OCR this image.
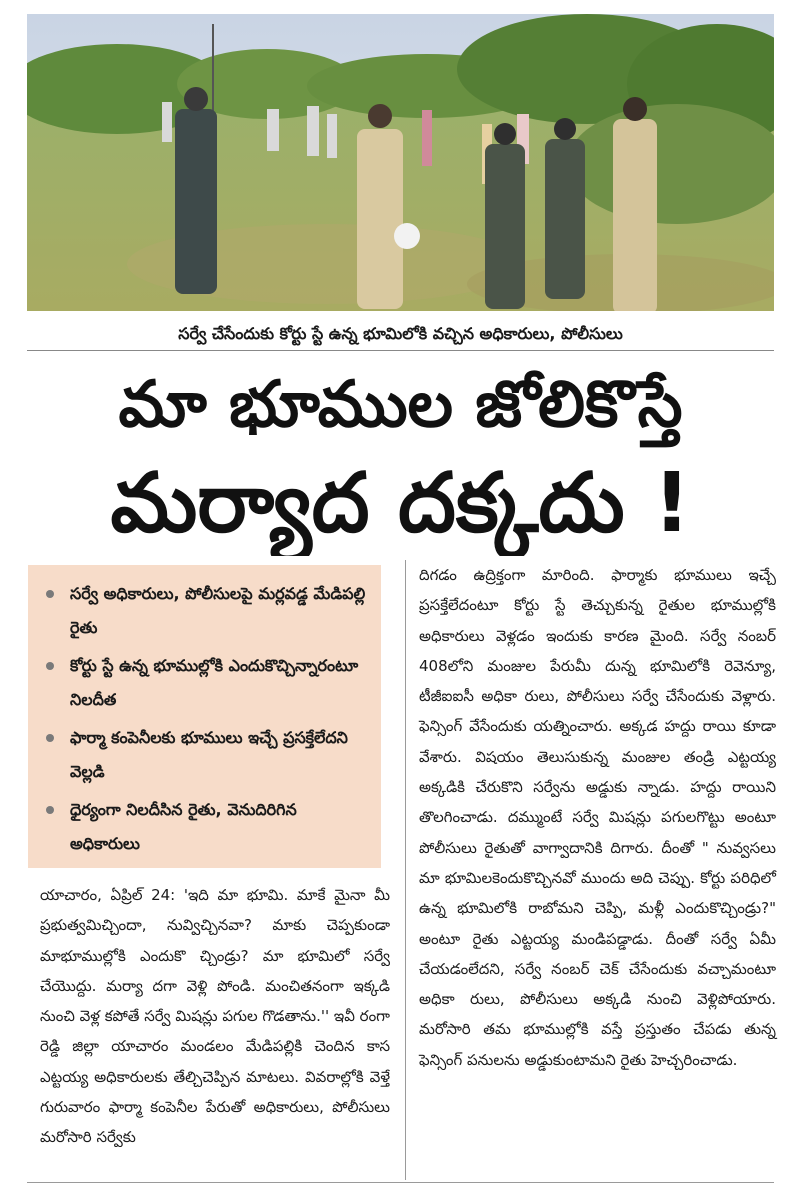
సర్వే చేసేందుకు కోర్టు స్టే ఉన్న భూమిలోకి వచ్చిన అధికారులు, పోలీసులు
మా భూముల జోలికొస్తే
మర్యాద దక్కదు !
సర్వే అధికారులు, పోలీసులపై మర్లవడ్డ మేడిపల్లి రైతు
కోర్టు స్టే ఉన్న భూముల్లోకి ఎందుకొచ్చిన్నారంటూ నిలదీత
ఫార్మా కంపెనీలకు భూములు ఇచ్చే ప్రసక్తేలేదని వెల్లడి
ధైర్యంగా నిలదీసిన రైతు, వెనుదిరిగిన అధికారులు

యాచారం, ఏప్రిల్ 24: 'ఇది మా భూమి. మాకే మైనా మీ ప్రభుత్వమిచ్చిందా, నువ్విచ్చినవా? మాకు చెప్పకుండా మాభూముల్లోకి ఎందుకొ చ్చిండ్రు? మా భూమిలో సర్వే చేయొద్దు. మర్యా దగా వెళ్లి పోండి. మంచితనంగా ఇక్కడి నుంచి వెళ్ల కపోతే సర్వే మిషన్లు పగుల గొడతాను.'' ఇవీ రంగా రెడ్డి జిల్లా యాచారం మండలం మేడిపల్లికి చెందిన కాస ఎట్టయ్య అధికారులకు తేల్చిచెప్పిన మాటలు. వివరాల్లోకి వెళ్తే గురువారం ఫార్మా కంపెనీల పేరుతో అధికారులు, పోలీసులు మరోసారి సర్వేకు

దిగడం ఉద్రిక్తంగా మారింది. ఫార్మాకు భూములు ఇచ్చే ప్రసక్తేలేదంటూ కోర్టు స్టే తెచ్చుకున్న రైతుల భూముల్లోకి అధికారులు వెళ్లడం ఇందుకు కారణ మైంది. సర్వే నంబర్ 408లోని మంజుల పేరుమీ దున్న భూమిలోకి రెవెన్యూ, టీజీఐఐసీ అధికా రులు, పోలీసులు సర్వే చేసేందుకు వెళ్లారు. ఫెన్సింగ్ వేసేందుకు యత్నించారు. అక్కడ హద్దు రాయి కూడా వేశారు. విషయం తెలుసుకున్న మంజుల తండ్రి ఎట్టయ్య అక్కడికి చేరుకొని సర్వేను అడ్డుకు న్నాడు. హద్దు రాయిని తొలగించాడు. దమ్ముంటే సర్వే మిషన్లు పగులగొట్టు అంటూ పోలీసులు రైతుతో వాగ్వాదానికి దిగారు. దీంతో " నువ్వసలు మా భూమిలకెందుకొచ్చినవో ముందు అది చెప్పు. కోర్టు పరిధిలో ఉన్న భూమిలోకి రాబోమని చెప్పి, మళ్లీ ఎందుకొచ్చిండ్రు?" అంటూ రైతు ఎట్టయ్య మండిపడ్డాడు. దీంతో సర్వే ఏమీ చేయడంలేదని, సర్వే నంబర్ చెక్ చేసేందుకు వచ్చామంటూ అధికా రులు, పోలీసులు అక్కడి నుంచి వెళ్లిపోయారు. మరోసారి తమ భూముల్లోకి వస్తే ప్రస్తుతం చేపడు తున్న ఫెన్సింగ్ పనులను అడ్డుకుంటామని రైతు హెచ్చరించాడు.
